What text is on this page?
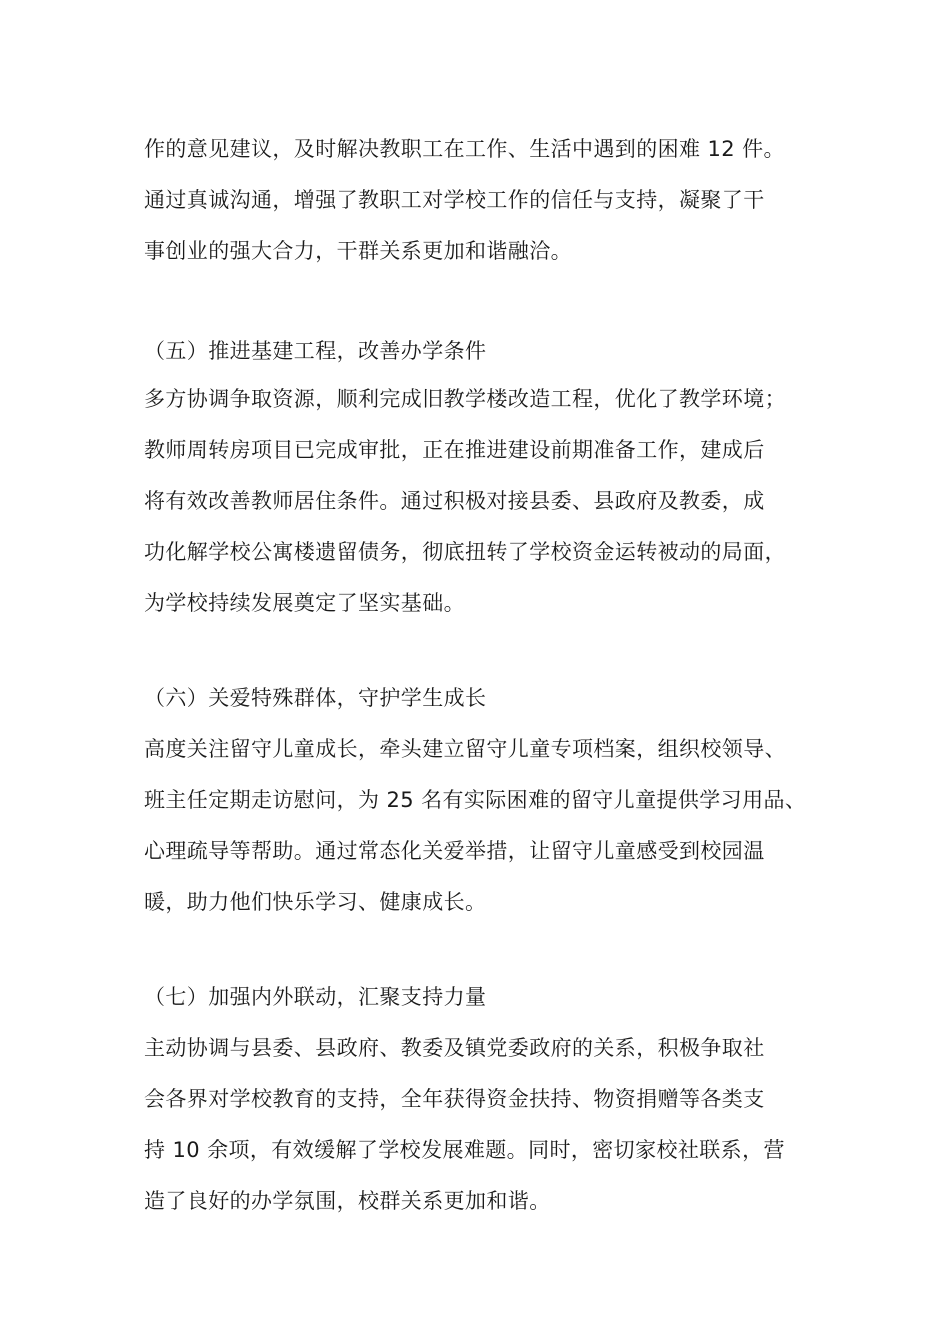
作的意见建议，及时解决教职工在工作、生活中遇到的困难 12 件。
通过真诚沟通，增强了教职工对学校工作的信任与支持，凝聚了干
事创业的强大合力，干群关系更加和谐融洽。
（五）推进基建工程，改善办学条件
多方协调争取资源，顺利完成旧教学楼改造工程，优化了教学环境；
教师周转房项目已完成审批，正在推进建设前期准备工作，建成后
将有效改善教师居住条件。通过积极对接县委、县政府及教委，成
功化解学校公寓楼遗留债务，彻底扭转了学校资金运转被动的局面，
为学校持续发展奠定了坚实基础。
（六）关爱特殊群体，守护学生成长
高度关注留守儿童成长，牵头建立留守儿童专项档案，组织校领导、
班主任定期走访慰问，为 25 名有实际困难的留守儿童提供学习用品、
心理疏导等帮助。通过常态化关爱举措，让留守儿童感受到校园温
暖，助力他们快乐学习、健康成长。
（七）加强内外联动，汇聚支持力量
主动协调与县委、县政府、教委及镇党委政府的关系，积极争取社
会各界对学校教育的支持，全年获得资金扶持、物资捐赠等各类支
持 10 余项，有效缓解了学校发展难题。同时，密切家校社联系，营
造了良好的办学氛围，校群关系更加和谐。
